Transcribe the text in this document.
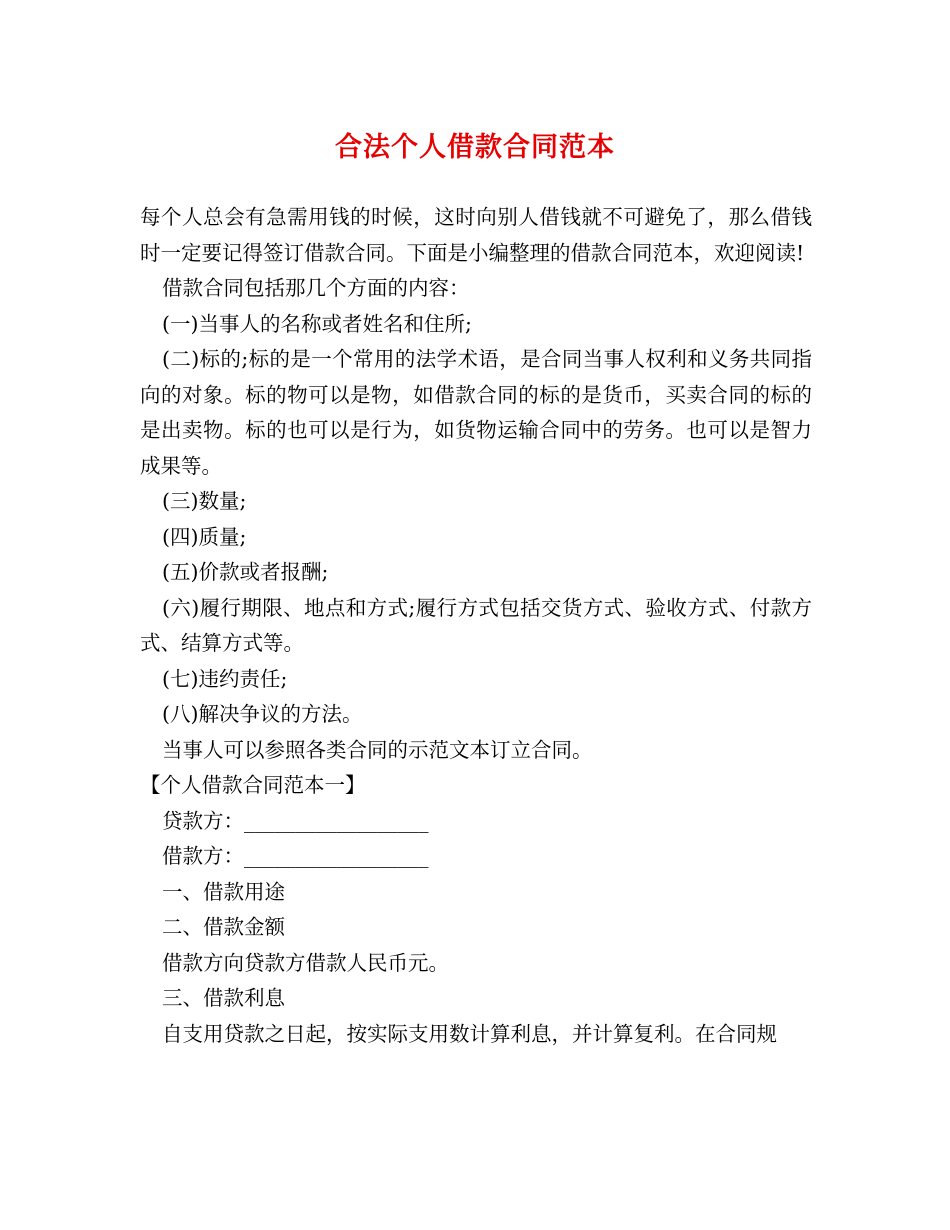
合法个人借款合同范本

每个人总会有急需用钱的时候，这时向别人借钱就不可避免了，那么借钱时一定要记得签订借款合同。下面是小编整理的借款合同范本，欢迎阅读!

借款合同包括那几个方面的内容：

(一)当事人的名称或者姓名和住所;

(二)标的;标的是一个常用的法学术语，是合同当事人权利和义务共同指向的对象。标的物可以是物，如借款合同的标的是货币，买卖合同的标的是出卖物。标的也可以是行为，如货物运输合同中的劳务。也可以是智力成果等。

(三)数量;

(四)质量;

(五)价款或者报酬;

(六)履行期限、地点和方式;履行方式包括交货方式、验收方式、付款方式、结算方式等。

(七)违约责任;

(八)解决争议的方法。

当事人可以参照各类合同的示范文本订立合同。

【个人借款合同范本一】

贷款方：__________________

借款方：__________________

一、借款用途

二、借款金额

借款方向贷款方借款人民币元。

三、借款利息

自支用贷款之日起，按实际支用数计算利息，并计算复利。在合同规
